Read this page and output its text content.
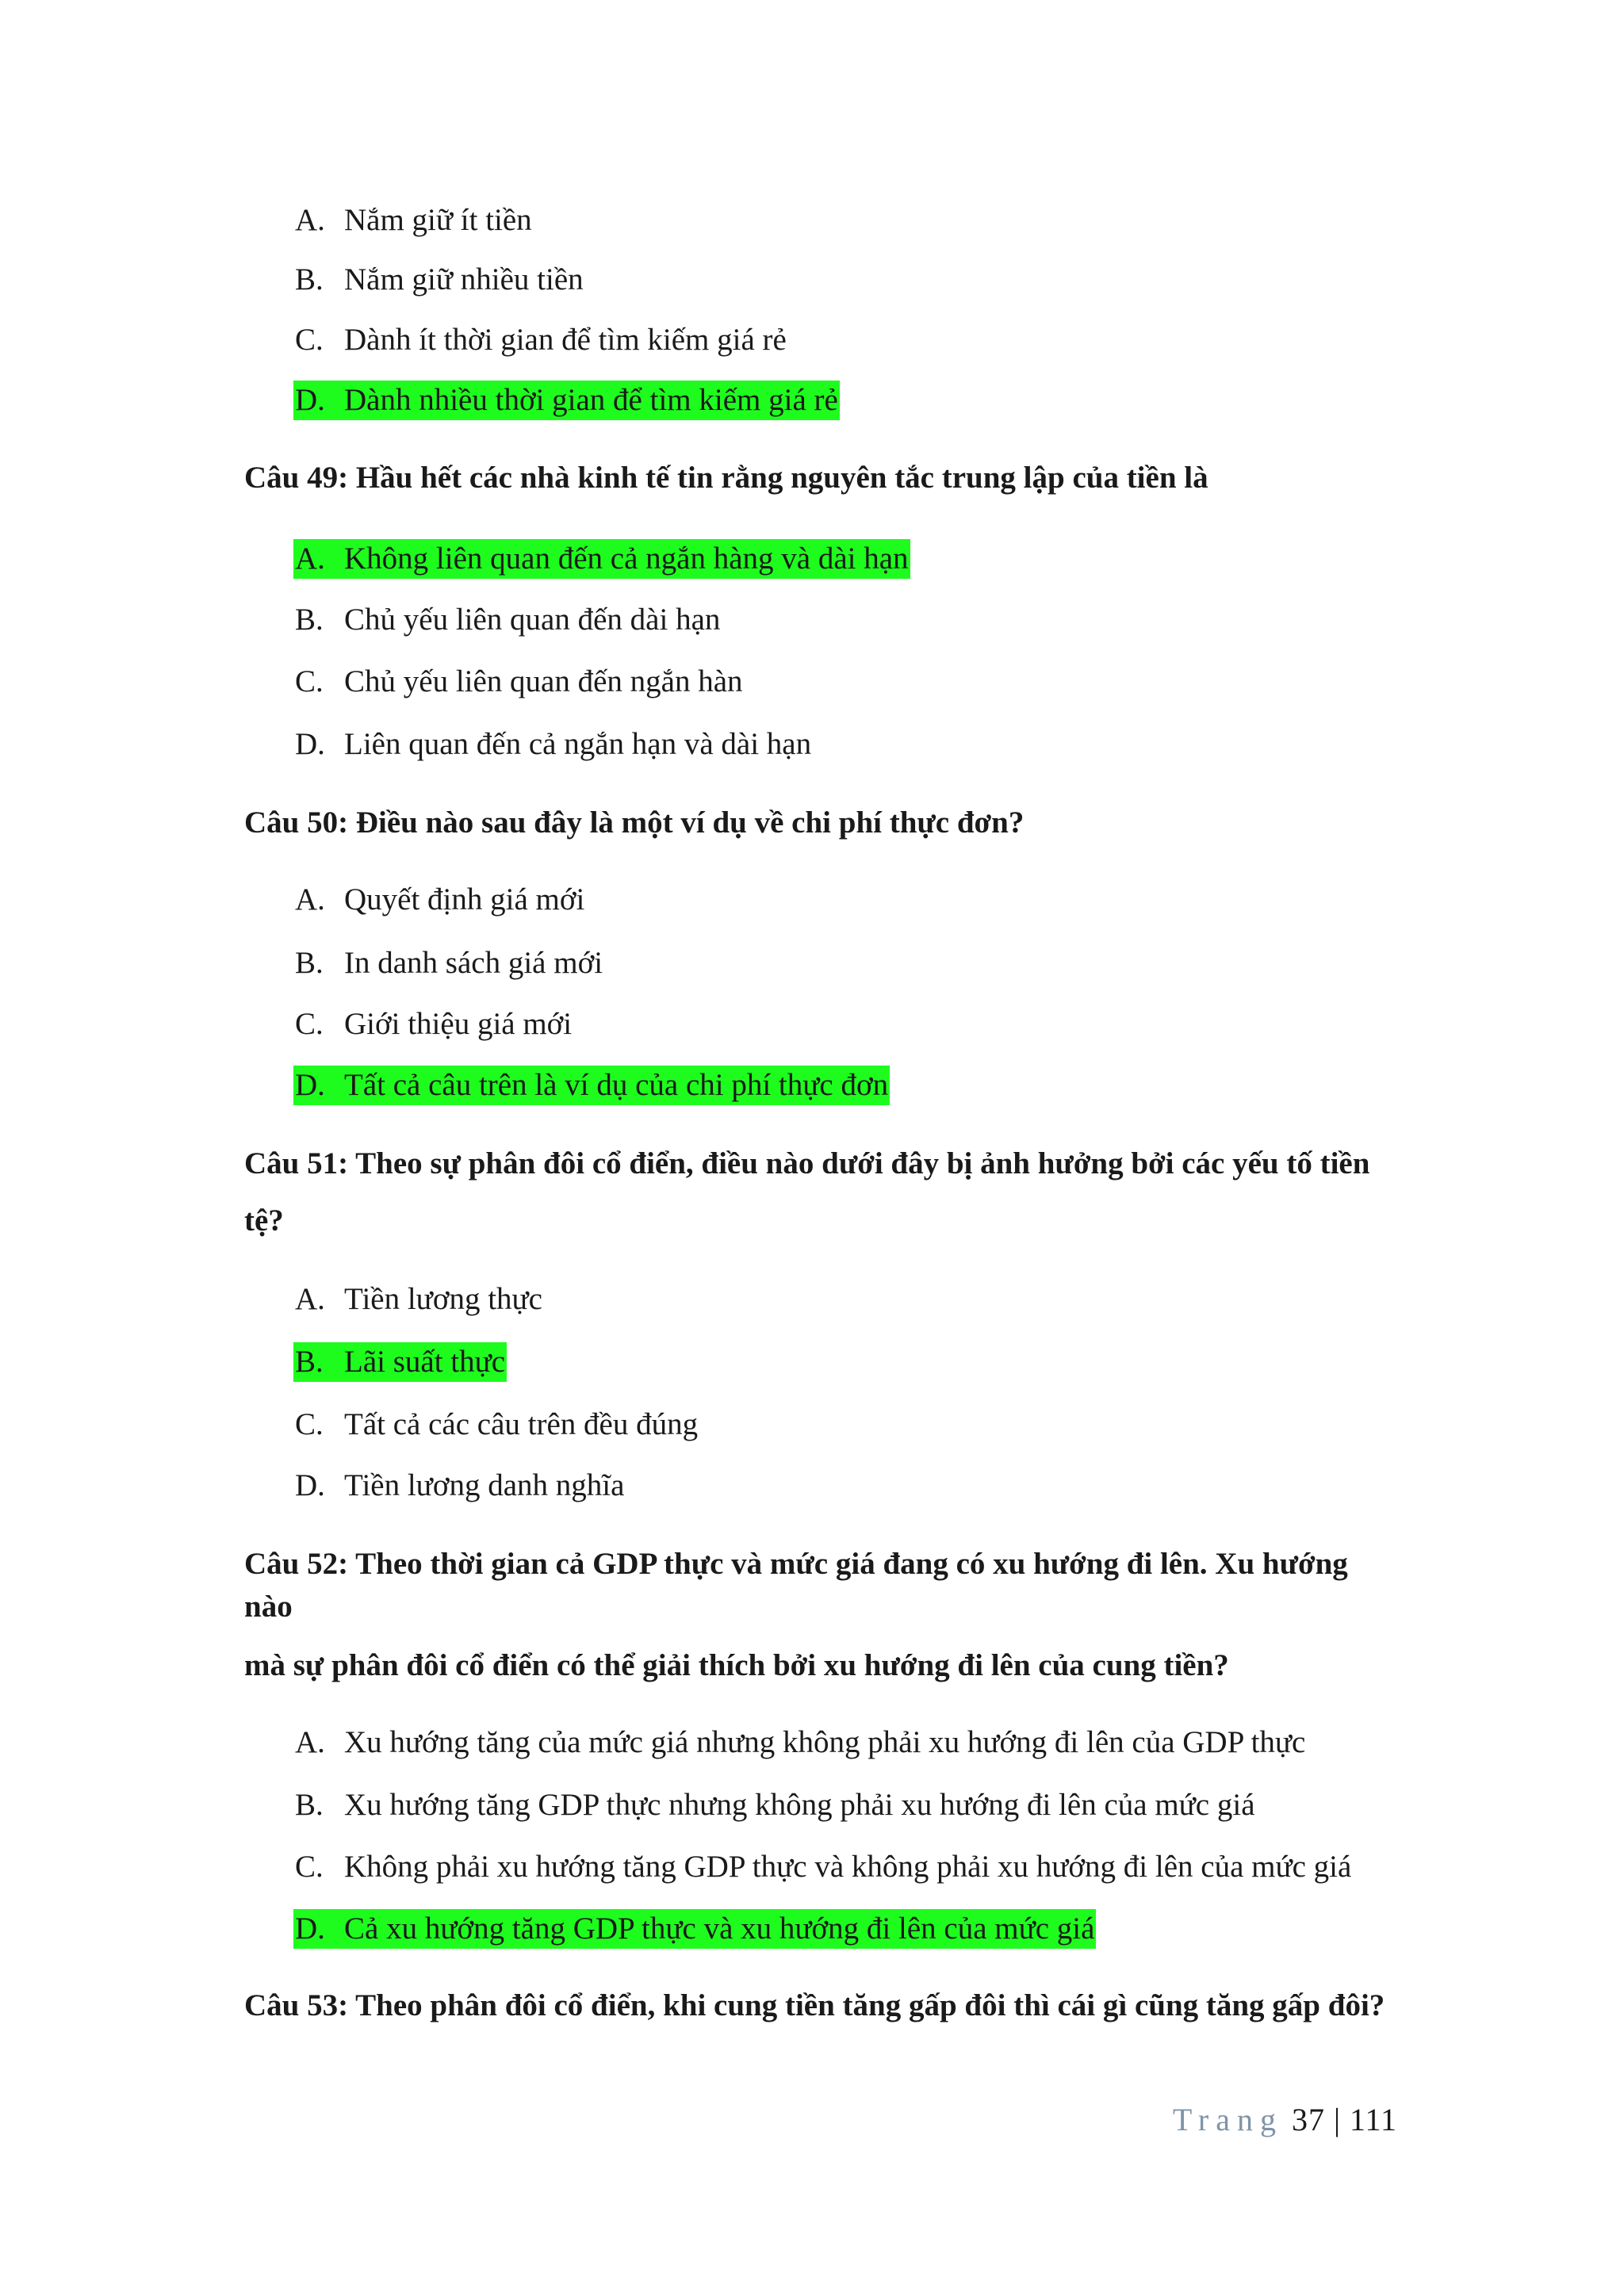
A. Nắm giữ ít tiền
B. Nắm giữ nhiều tiền
C. Dành ít thời gian để tìm kiếm giá rẻ
D. Dành nhiều thời gian để tìm kiếm giá rẻ
Câu 49: Hầu hết các nhà kinh tế tin rằng nguyên tắc trung lập của tiền là
A. Không liên quan đến cả ngắn hàng và dài hạn
B. Chủ yếu liên quan đến dài hạn
C. Chủ yếu liên quan đến ngắn hàn
D. Liên quan đến cả ngắn hạn và dài hạn
Câu 50: Điều nào sau đây là một ví dụ về chi phí thực đơn?
A. Quyết định giá mới
B. In danh sách giá mới
C. Giới thiệu giá mới
D. Tất cả câu trên là ví dụ của chi phí thực đơn
Câu 51: Theo sự phân đôi cổ điển, điều nào dưới đây bị ảnh hưởng bởi các yếu tố tiền
tệ?
A. Tiền lương thực
B. Lãi suất thực
C. Tất cả các câu trên đều đúng
D. Tiền lương danh nghĩa
Câu 52: Theo thời gian cả GDP thực và mức giá đang có xu hướng đi lên. Xu hướng
nào
mà sự phân đôi cổ điển có thể giải thích bởi xu hướng đi lên của cung tiền?
A. Xu hướng tăng của mức giá nhưng không phải xu hướng đi lên của GDP thực
B. Xu hướng tăng GDP thực nhưng không phải xu hướng đi lên của mức giá
C. Không phải xu hướng tăng GDP thực và không phải xu hướng đi lên của mức giá
D. Cả xu hướng tăng GDP thực và xu hướng đi lên của mức giá
Câu 53: Theo phân đôi cổ điển, khi cung tiền tăng gấp đôi thì cái gì cũng tăng gấp đôi?
Trang 37 | 111
